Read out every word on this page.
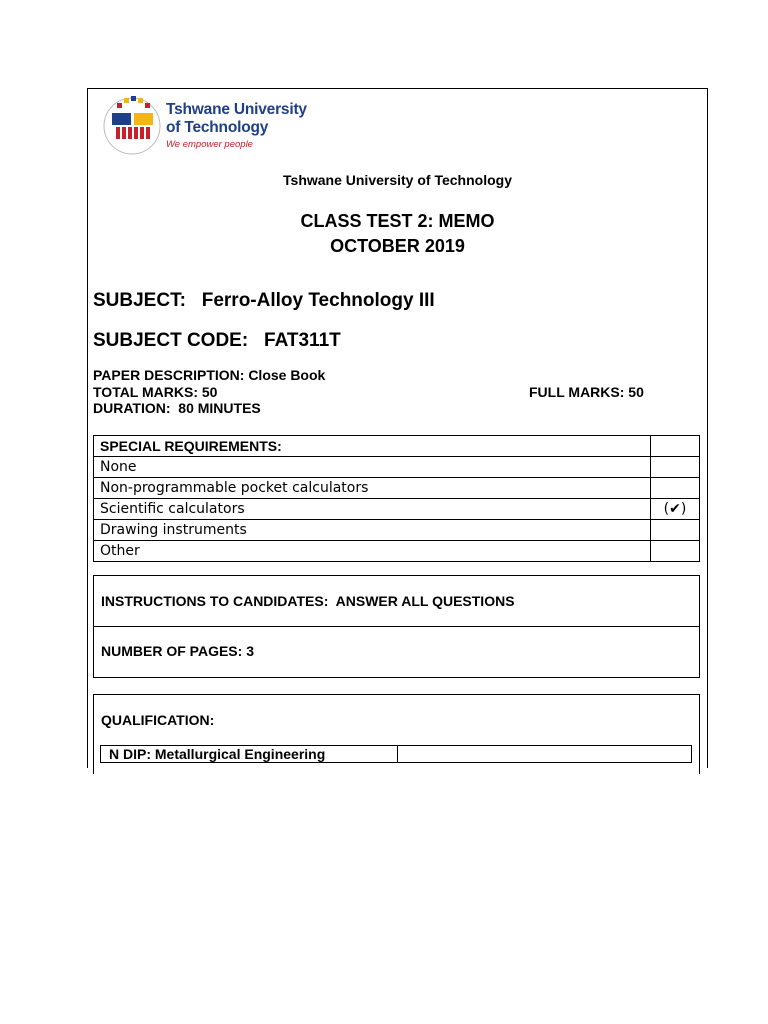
Tshwane University
of Technology
We empower people
Tshwane University of Technology
CLASS TEST 2: MEMO
OCTOBER 2019
SUBJECT:   Ferro-Alloy Technology III
SUBJECT CODE:   FAT311T
PAPER DESCRIPTION: Close Book
TOTAL MARKS: 50	FULL MARKS: 50
DURATION:  80 MINUTES
SPECIAL REQUIREMENTS:	
None	
Non-programmable pocket calculators	
Scientific calculators	(✔)
Drawing instruments	
Other	
INSTRUCTIONS TO CANDIDATES:  ANSWER ALL QUESTIONS
NUMBER OF PAGES: 3
QUALIFICATION:
N DIP: Metallurgical Engineering
